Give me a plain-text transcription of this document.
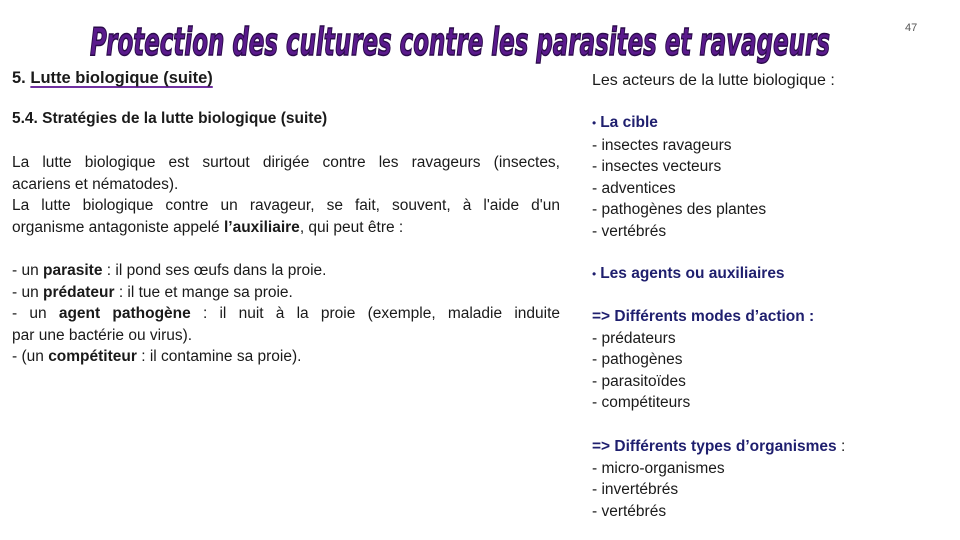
Protection des cultures contre les parasites et ravageurs	47
5. Lutte biologique (suite)
5.4. Stratégies de la lutte biologique (suite)
La lutte biologique est surtout dirigée contre les ravageurs (insectes,
acariens et nématodes).
La lutte biologique contre un ravageur, se fait, souvent, à l'aide d'un
organisme antagoniste appelé l’auxiliaire, qui peut être :
- un parasite : il pond ses œufs dans la proie.
- un prédateur : il tue et mange sa proie.
- un agent pathogène : il nuit à la proie (exemple, maladie induite
par une bactérie ou virus).
- (un compétiteur : il contamine sa proie).
Les acteurs de la lutte biologique :
• La cible
- insectes ravageurs
- insectes vecteurs
- adventices
- pathogènes des plantes
- vertébrés
• Les agents ou auxiliaires
=> Différents modes d’action :
- prédateurs
- pathogènes
- parasitoïdes
- compétiteurs
=> Différents types d’organismes :
- micro-organismes
- invertébrés
- vertébrés
